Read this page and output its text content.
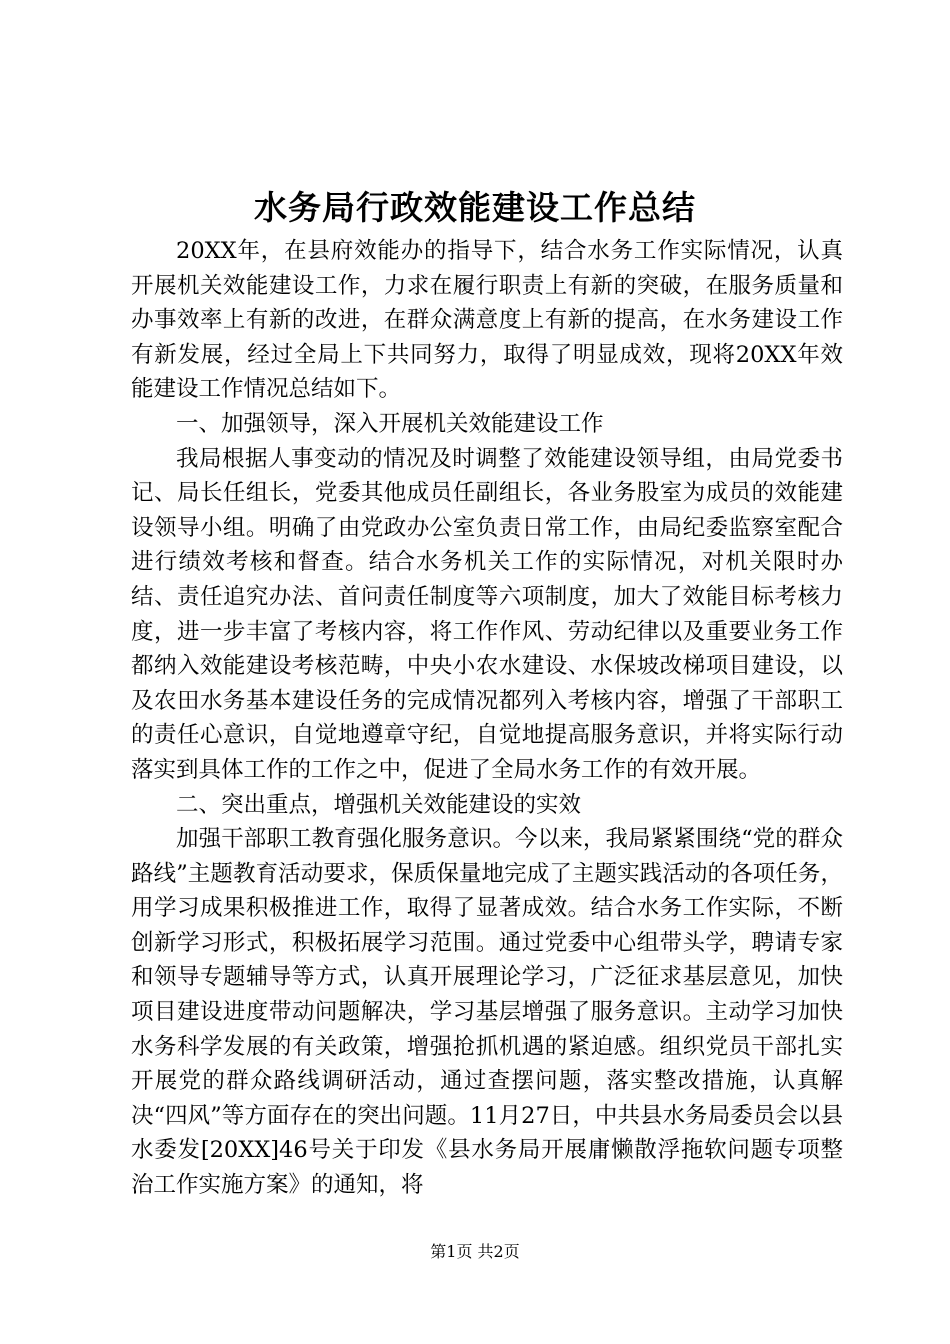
水务局行政效能建设工作总结

20XX年，在县府效能办的指导下，结合水务工作实际情况，认真开展机关效能建设工作，力求在履行职责上有新的突破，在服务质量和办事效率上有新的改进，在群众满意度上有新的提高，在水务建设工作有新发展，经过全局上下共同努力，取得了明显成效，现将20XX年效能建设工作情况总结如下。

一、加强领导，深入开展机关效能建设工作

我局根据人事变动的情况及时调整了效能建设领导组，由局党委书记、局长任组长，党委其他成员任副组长，各业务股室为成员的效能建设领导小组。明确了由党政办公室负责日常工作，由局纪委监察室配合进行绩效考核和督查。结合水务机关工作的实际情况，对机关限时办结、责任追究办法、首问责任制度等六项制度，加大了效能目标考核力度，进一步丰富了考核内容，将工作作风、劳动纪律以及重要业务工作都纳入效能建设考核范畴，中央小农水建设、水保坡改梯项目建设，以及农田水务基本建设任务的完成情况都列入考核内容，增强了干部职工的责任心意识，自觉地遵章守纪，自觉地提高服务意识，并将实际行动落实到具体工作的工作之中，促进了全局水务工作的有效开展。

二、突出重点，增强机关效能建设的实效

加强干部职工教育强化服务意识。今以来，我局紧紧围绕“党的群众路线”主题教育活动要求，保质保量地完成了主题实践活动的各项任务，用学习成果积极推进工作，取得了显著成效。结合水务工作实际，不断创新学习形式，积极拓展学习范围。通过党委中心组带头学，聘请专家和领导专题辅导等方式，认真开展理论学习，广泛征求基层意见，加快项目建设进度带动问题解决，学习基层增强了服务意识。主动学习加快水务科学发展的有关政策，增强抢抓机遇的紧迫感。组织党员干部扎实开展党的群众路线调研活动，通过查摆问题，落实整改措施，认真解决“四风”等方面存在的突出问题。11月27日，中共县水务局委员会以县水委发[20XX]46号关于印发《县水务局开展庸懒散浮拖软问题专项整治工作实施方案》的通知，将

第1页 共2页
